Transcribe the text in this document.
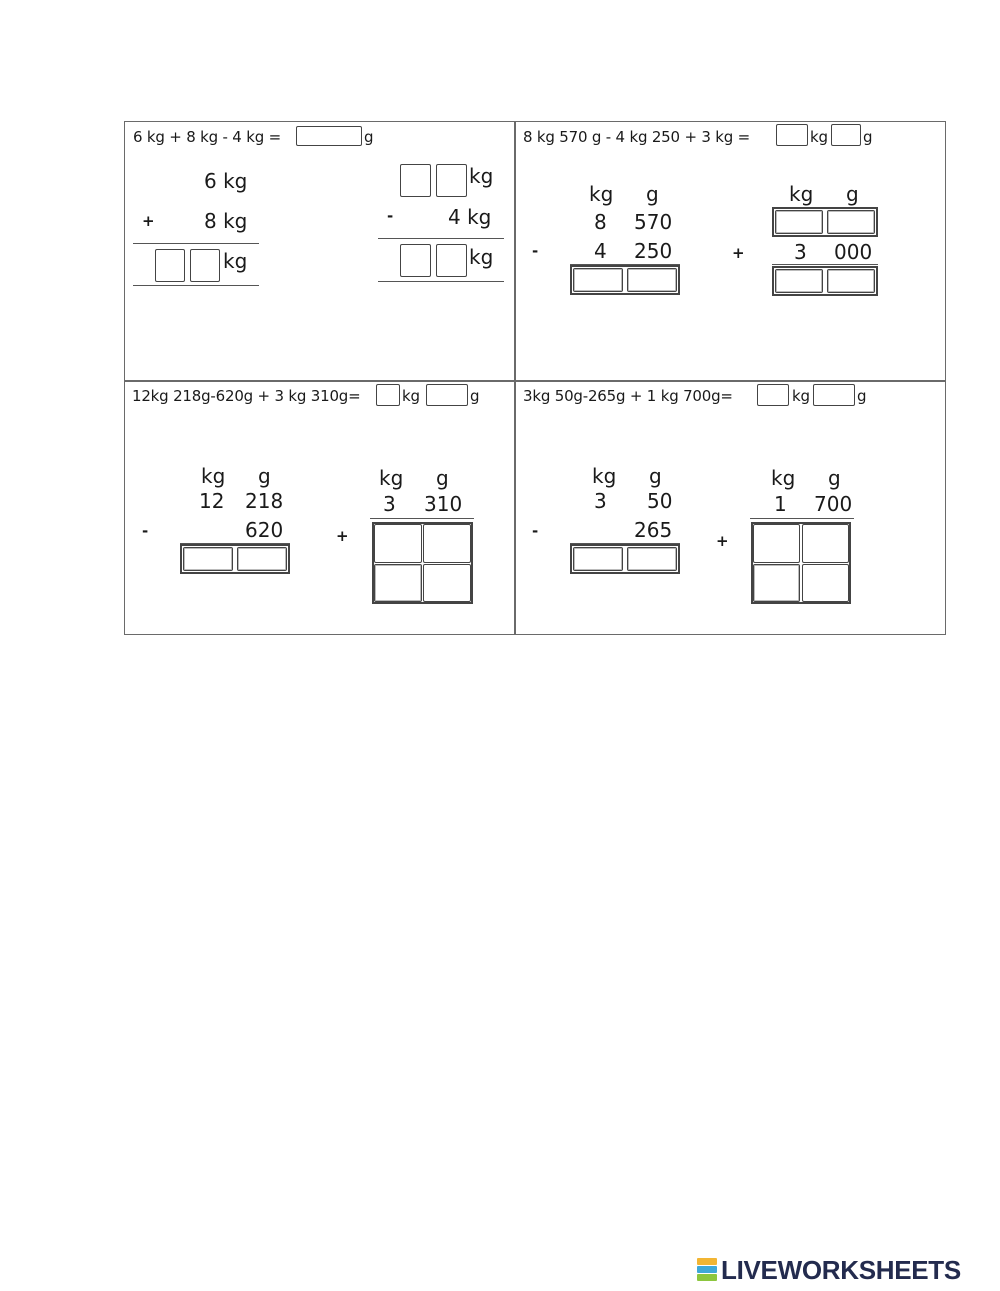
6 kg + 8 kg - 4 kg =	g
6 kg
+ 8 kg
kg
kg
-	4 kg
kg
8 kg 570 g - 4 kg 250 + 3 kg =	kg g
kg g
8 570
-	4 250
kg g
+ 3 000
12kg 218g-620g + 3 kg 310g=	kg	g
kg g
12 218
-	620
kg g
3 310
+
3kg 50g-265g + 1 kg 700g=	kg	g
kg g
3 50
-	265
kg g
1 700
+
LIVEWORKSHEETS
